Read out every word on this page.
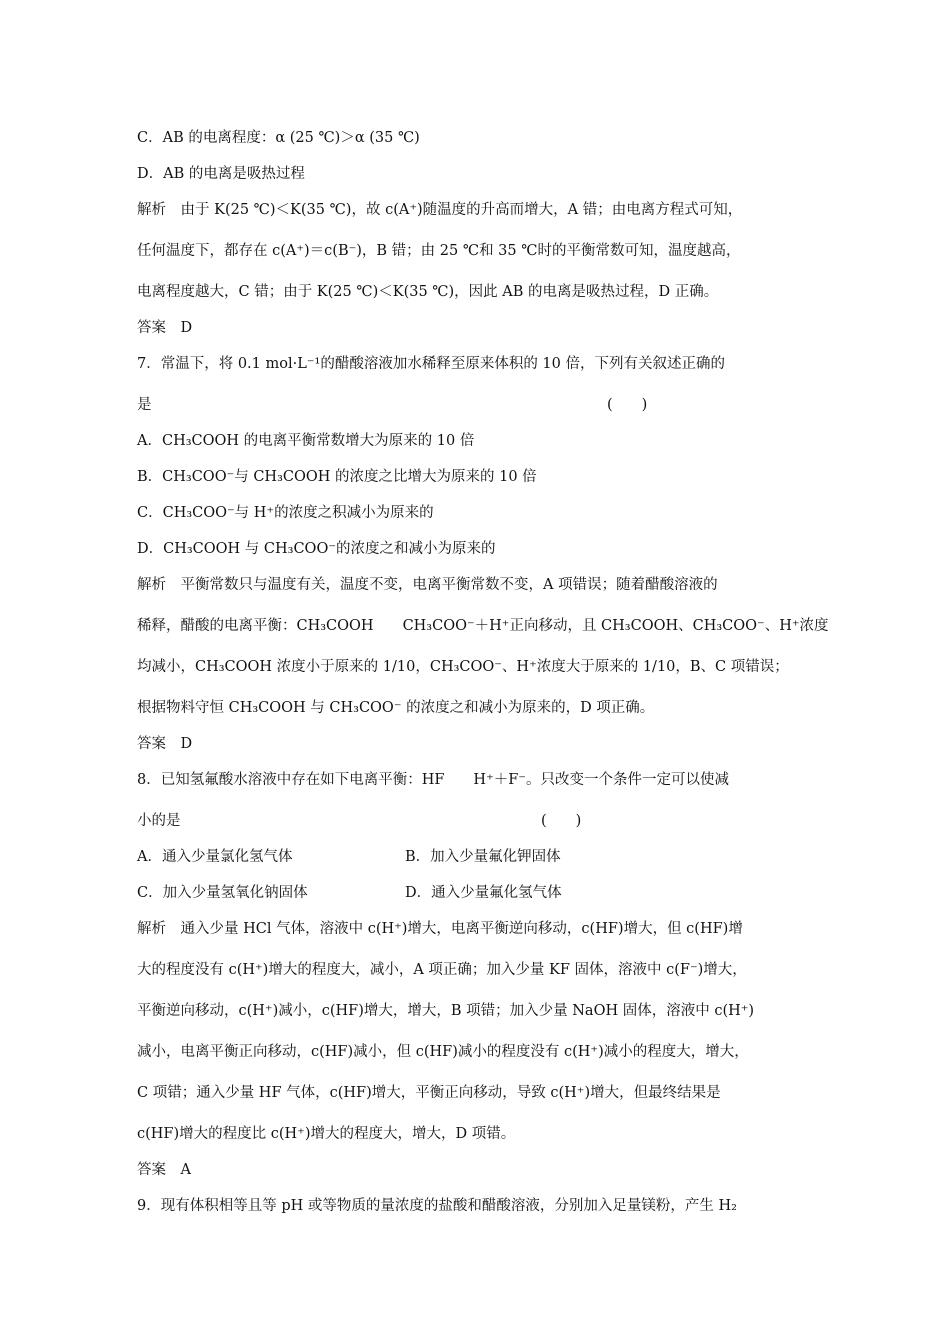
C．AB 的电离程度：α (25 ℃)＞α (35 ℃)
D．AB 的电离是吸热过程
解析　由于 K(25 ℃)＜K(35 ℃)，故 c(A⁺)随温度的升高而增大，A 错；由电离方程式可知，
任何温度下，都存在 c(A⁺)＝c(B⁻)，B 错；由 25 ℃和 35 ℃时的平衡常数可知，温度越高，
电离程度越大，C 错；由于 K(25 ℃)＜K(35 ℃)，因此 AB 的电离是吸热过程，D 正确。
答案　D
7．常温下，将 0.1 mol·L⁻¹的醋酸溶液加水稀释至原来体积的 10 倍，下列有关叙述正确的
是	(　　)
A．CH₃COOH 的电离平衡常数增大为原来的 10 倍
B．CH₃COO⁻与 CH₃COOH 的浓度之比增大为原来的 10 倍
C．CH₃COO⁻与 H⁺的浓度之积减小为原来的
D．CH₃COOH 与 CH₃COO⁻的浓度之和减小为原来的
解析　平衡常数只与温度有关，温度不变，电离平衡常数不变，A 项错误；随着醋酸溶液的
稀释，醋酸的电离平衡：CH₃COOH　　CH₃COO⁻＋H⁺正向移动，且 CH₃COOH、CH₃COO⁻、H⁺浓度
均减小，CH₃COOH 浓度小于原来的 1/10，CH₃COO⁻、H⁺浓度大于原来的 1/10，B、C 项错误；
根据物料守恒 CH₃COOH 与 CH₃COO⁻ 的浓度之和减小为原来的，D 项正确。
答案　D
8．已知氢氟酸水溶液中存在如下电离平衡：HF　　H⁺＋F⁻。只改变一个条件一定可以使减
小的是	(　　)
A．通入少量氯化氢气体	B．加入少量氟化钾固体
C．加入少量氢氧化钠固体	D．通入少量氟化氢气体
解析　通入少量 HCl 气体，溶液中 c(H⁺)增大，电离平衡逆向移动，c(HF)增大，但 c(HF)增
大的程度没有 c(H⁺)增大的程度大，减小，A 项正确；加入少量 KF 固体，溶液中 c(F⁻)增大，
平衡逆向移动，c(H⁺)减小，c(HF)增大，增大，B 项错；加入少量 NaOH 固体，溶液中 c(H⁺)
减小，电离平衡正向移动，c(HF)减小，但 c(HF)减小的程度没有 c(H⁺)减小的程度大，增大，
C 项错；通入少量 HF 气体，c(HF)增大，平衡正向移动，导致 c(H⁺)增大，但最终结果是
c(HF)增大的程度比 c(H⁺)增大的程度大，增大，D 项错。
答案　A
9．现有体积相等且等 pH 或等物质的量浓度的盐酸和醋酸溶液，分别加入足量镁粉，产生 H₂
